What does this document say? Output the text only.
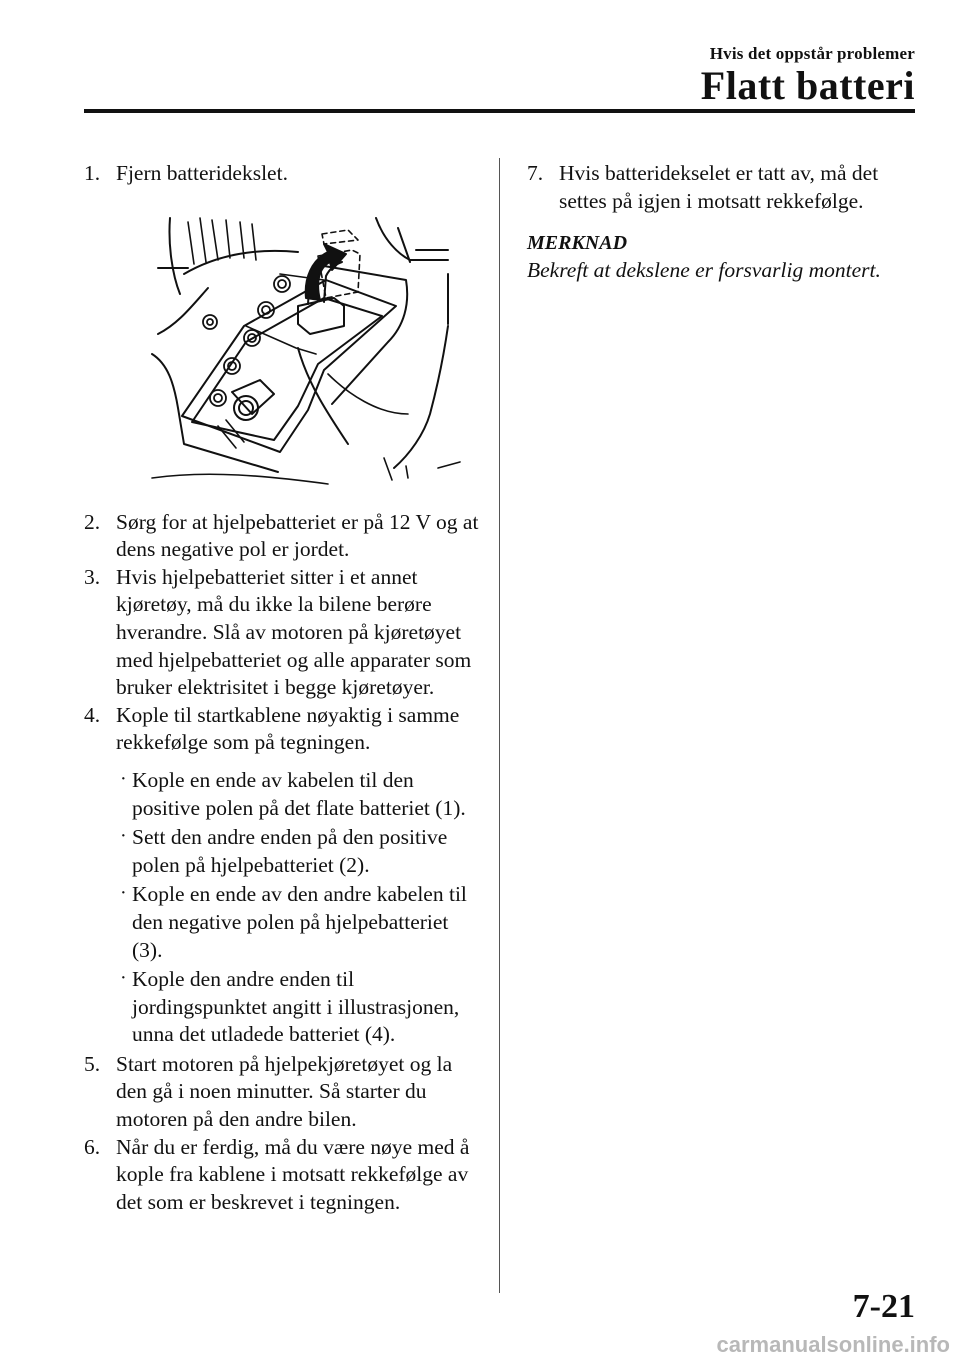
Hvis det oppstår problemer
Flatt batteri
1. Fjern batteridekslet.
2. Sørg for at hjelpebatteriet er på 12 V og at dens negative pol er jordet.
3. Hvis hjelpebatteriet sitter i et annet kjøretøy, må du ikke la bilene berøre hverandre. Slå av motoren på kjøretøyet med hjelpebatteriet og alle apparater som bruker elektrisitet i begge kjøretøyer.
4. Kople til startkablene nøyaktig i samme rekkefølge som på tegningen.
· Kople en ende av kabelen til den positive polen på det flate batteriet (1).
· Sett den andre enden på den positive polen på hjelpebatteriet (2).
· Kople en ende av den andre kabelen til den negative polen på hjelpebatteriet (3).
· Kople den andre enden til jordingspunktet angitt i illustrasjonen, unna det utladede batteriet (4).
5. Start motoren på hjelpekjøretøyet og la den gå i noen minutter. Så starter du motoren på den andre bilen.
6. Når du er ferdig, må du være nøye med å kople fra kablene i motsatt rekkefølge av det som er beskrevet i tegningen.
7. Hvis batteridekselet er tatt av, må det settes på igjen i motsatt rekkefølge.
MERKNAD
Bekreft at dekslene er forsvarlig montert.
7-21
carmanualsonline.info
